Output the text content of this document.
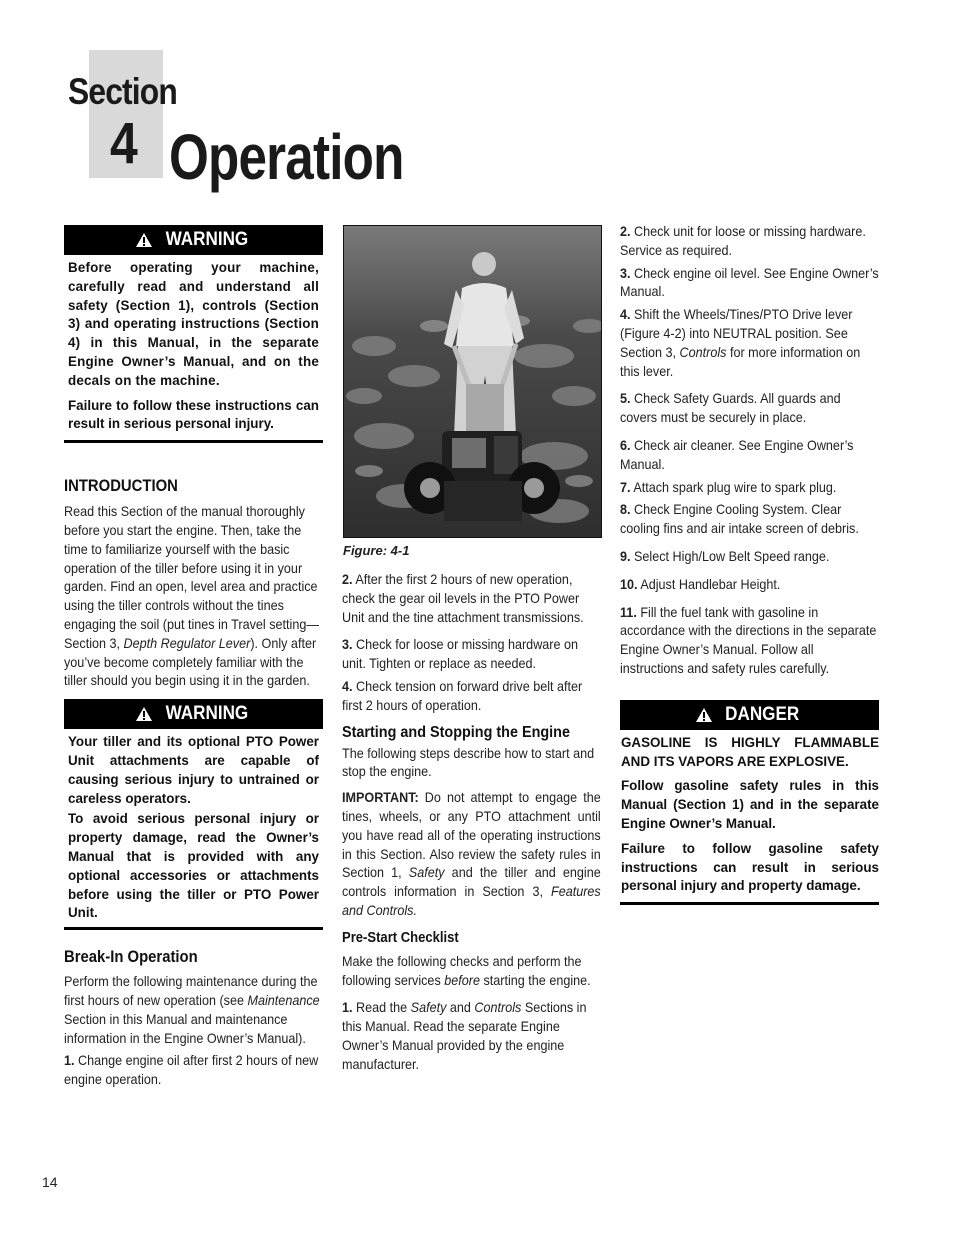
Section
4 Operation
WARNING

Before operating your machine, carefully read and understand all safety (Section 1), controls (Section 3) and operating instructions (Section 4) in this Manual, in the separate Engine Owner’s Manual, and on the decals on the machine.

Failure to follow these instructions can result in serious personal injury.

INTRODUCTION
Read this Section of the manual thoroughly before you start the engine. Then, take the time to familiarize yourself with the basic operation of the tiller before using it in your garden. Find an open, level area and practice using the tiller controls without the tines engaging the soil (put tines in Travel setting—Section 3, Depth Regulator Lever). Only after you’ve become completely familiar with the tiller should you begin using it in the garden.
WARNING

Your tiller and its optional PTO Power Unit attachments are capable of causing serious injury to untrained or careless operators.

To avoid serious personal injury or property damage, read the Owner’s Manual that is provided with any optional accessories or attachments before using the tiller or PTO Power Unit.

Break-In Operation
Perform the following maintenance during the first hours of new operation (see Maintenance Section in this Manual and maintenance information in the Engine Owner’s Manual).
1. Change engine oil after first 2 hours of new engine operation.
Figure: 4-1
2. After the first 2 hours of new operation, check the gear oil levels in the PTO Power Unit and the tine attachment transmissions.
3. Check for loose or missing hardware on unit. Tighten or replace as needed.
4. Check tension on forward drive belt after first 2 hours of operation.
Starting and Stopping the Engine
The following steps describe how to start and stop the engine.
IMPORTANT: Do not attempt to engage the tines, wheels, or any PTO attachment until you have read all of the operating instructions in this Section. Also review the safety rules in Section 1, Safety and the tiller and engine controls information in Section 3, Features and Controls.
Pre-Start Checklist
Make the following checks and perform the following services before starting the engine.
1. Read the Safety and Controls Sections in this Manual. Read the separate Engine Owner’s Manual provided by the engine manufacturer.
2. Check unit for loose or missing hardware. Service as required.
3. Check engine oil level. See Engine Owner’s Manual.
4. Shift the Wheels/Tines/PTO Drive lever (Figure 4-2) into NEUTRAL position. See Section 3, Controls for more information on this lever.
5. Check Safety Guards. All guards and covers must be securely in place.
6. Check air cleaner. See Engine Owner’s Manual.
7. Attach spark plug wire to spark plug.
8. Check Engine Cooling System. Clear cooling fins and air intake screen of debris.
9. Select High/Low Belt Speed range.
10. Adjust Handlebar Height.
11. Fill the fuel tank with gasoline in accordance with the directions in the separate Engine Owner’s Manual. Follow all instructions and safety rules carefully.
DANGER

GASOLINE IS HIGHLY FLAMMABLE AND ITS VAPORS ARE EXPLOSIVE.

Follow gasoline safety rules in this Manual (Section 1) and in the separate Engine Owner’s Manual.

Failure to follow gasoline safety instructions can result in serious personal injury and property damage.

14
